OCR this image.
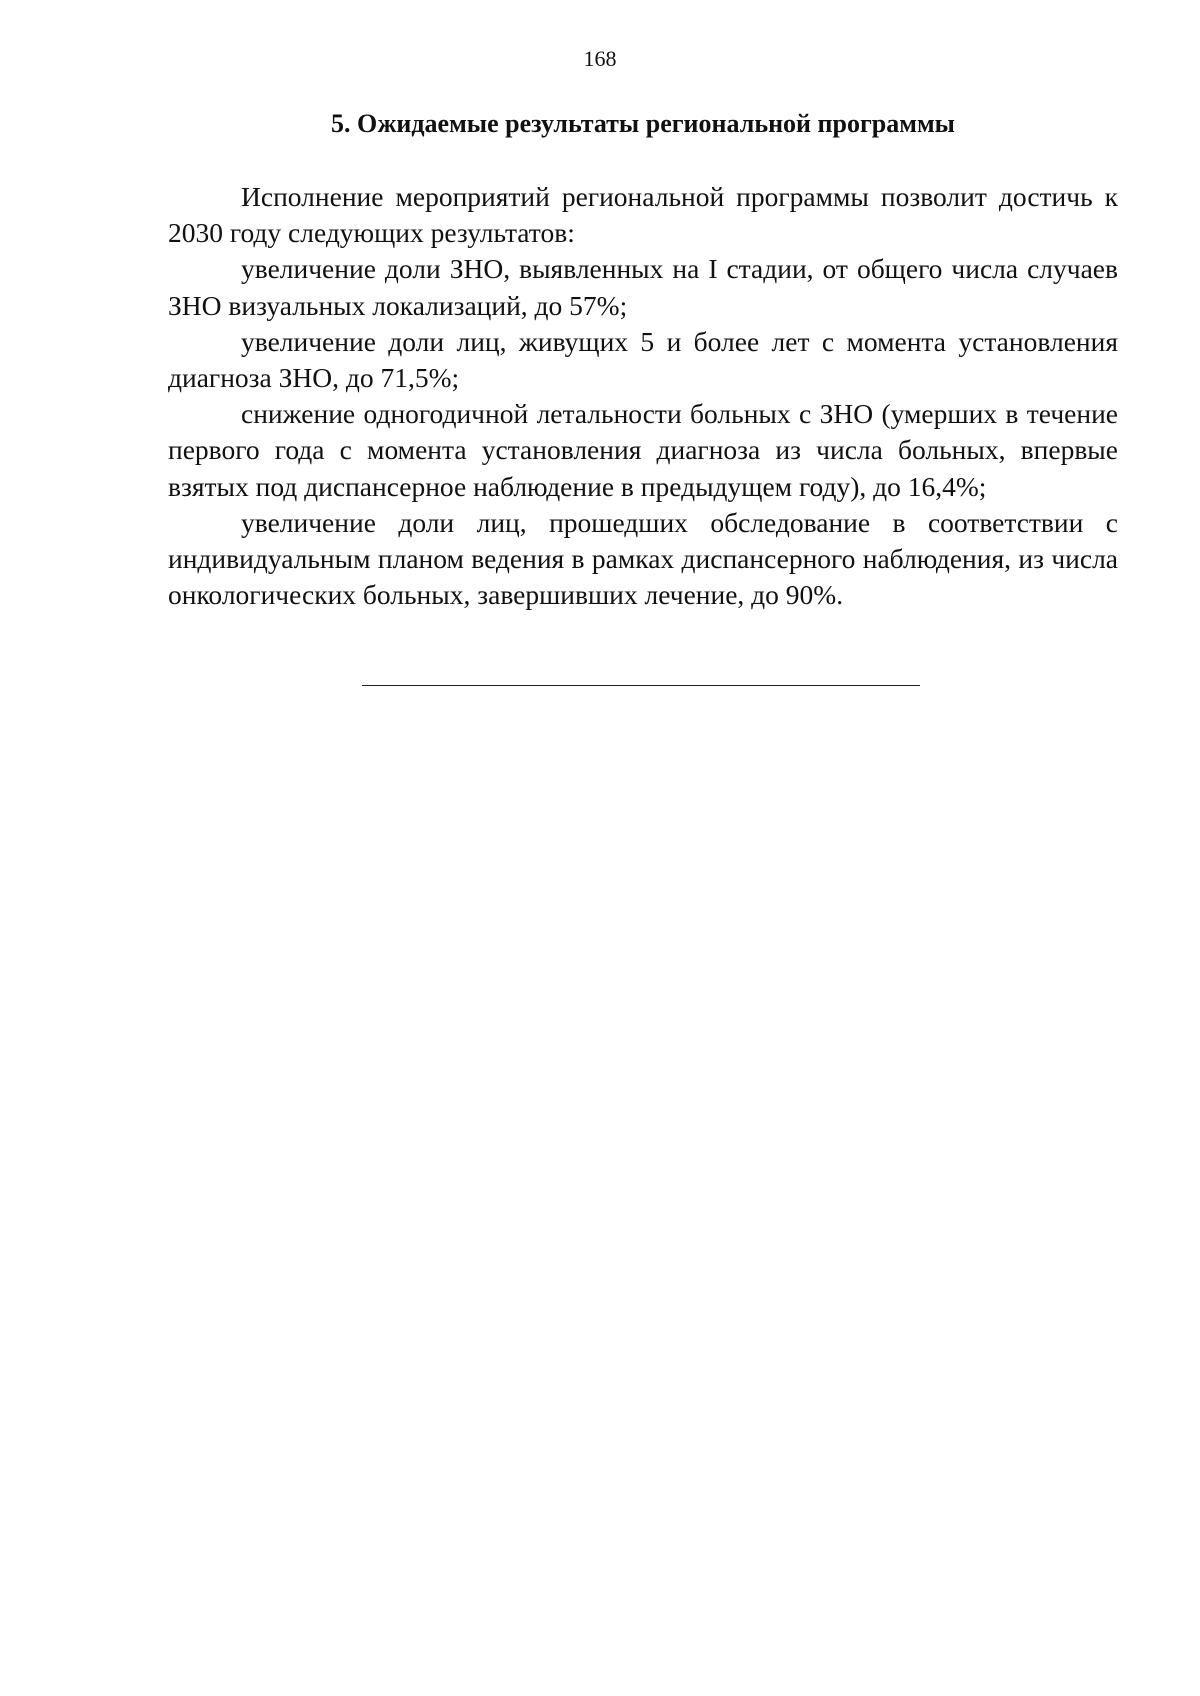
168
5. Ожидаемые результаты региональной программы

Исполнение мероприятий региональной программы позволит достичь к 2030 году следующих результатов:

увеличение доли ЗНО, выявленных на I стадии, от общего числа случаев ЗНО визуальных локализаций, до 57%;

увеличение доли лиц, живущих 5 и более лет с момента установления диагноза ЗНО, до 71,5%;

снижение одногодичной летальности больных с ЗНО (умерших в течение первого года с момента установления диагноза из числа больных, впервые взятых под диспансерное наблюдение в предыдущем году), до 16,4%;

увеличение доли лиц, прошедших обследование в соответствии с индивидуальным планом ведения в рамках диспансерного наблюдения, из числа онкологических больных, завершивших лечение, до 90%.
